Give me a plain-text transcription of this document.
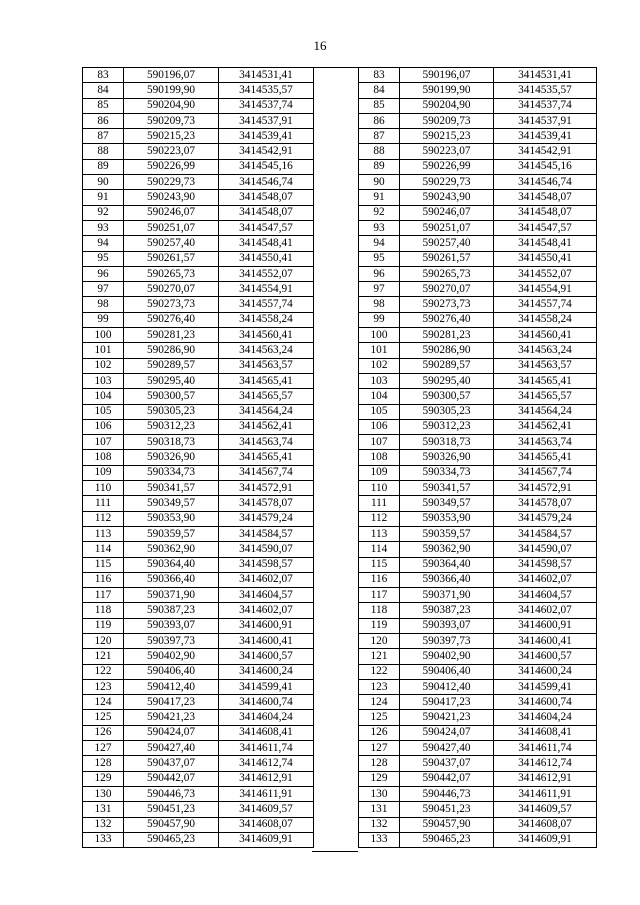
16
83	590196,07	3414531,41
84	590199,90	3414535,57
85	590204,90	3414537,74
86	590209,73	3414537,91
87	590215,23	3414539,41
88	590223,07	3414542,91
89	590226,99	3414545,16
90	590229,73	3414546,74
91	590243,90	3414548,07
92	590246,07	3414548,07
93	590251,07	3414547,57
94	590257,40	3414548,41
95	590261,57	3414550,41
96	590265,73	3414552,07
97	590270,07	3414554,91
98	590273,73	3414557,74
99	590276,40	3414558,24
100	590281,23	3414560,41
101	590286,90	3414563,24
102	590289,57	3414563,57
103	590295,40	3414565,41
104	590300,57	3414565,57
105	590305,23	3414564,24
106	590312,23	3414562,41
107	590318,73	3414563,74
108	590326,90	3414565,41
109	590334,73	3414567,74
110	590341,57	3414572,91
111	590349,57	3414578,07
112	590353,90	3414579,24
113	590359,57	3414584,57
114	590362,90	3414590,07
115	590364,40	3414598,57
116	590366,40	3414602,07
117	590371,90	3414604,57
118	590387,23	3414602,07
119	590393,07	3414600,91
120	590397,73	3414600,41
121	590402,90	3414600,57
122	590406,40	3414600,24
123	590412,40	3414599,41
124	590417,23	3414600,74
125	590421,23	3414604,24
126	590424,07	3414608,41
127	590427,40	3414611,74
128	590437,07	3414612,74
129	590442,07	3414612,91
130	590446,73	3414611,91
131	590451,23	3414609,57
132	590457,90	3414608,07
133	590465,23	3414609,91
83	590196,07	3414531,41
84	590199,90	3414535,57
85	590204,90	3414537,74
86	590209,73	3414537,91
87	590215,23	3414539,41
88	590223,07	3414542,91
89	590226,99	3414545,16
90	590229,73	3414546,74
91	590243,90	3414548,07
92	590246,07	3414548,07
93	590251,07	3414547,57
94	590257,40	3414548,41
95	590261,57	3414550,41
96	590265,73	3414552,07
97	590270,07	3414554,91
98	590273,73	3414557,74
99	590276,40	3414558,24
100	590281,23	3414560,41
101	590286,90	3414563,24
102	590289,57	3414563,57
103	590295,40	3414565,41
104	590300,57	3414565,57
105	590305,23	3414564,24
106	590312,23	3414562,41
107	590318,73	3414563,74
108	590326,90	3414565,41
109	590334,73	3414567,74
110	590341,57	3414572,91
111	590349,57	3414578,07
112	590353,90	3414579,24
113	590359,57	3414584,57
114	590362,90	3414590,07
115	590364,40	3414598,57
116	590366,40	3414602,07
117	590371,90	3414604,57
118	590387,23	3414602,07
119	590393,07	3414600,91
120	590397,73	3414600,41
121	590402,90	3414600,57
122	590406,40	3414600,24
123	590412,40	3414599,41
124	590417,23	3414600,74
125	590421,23	3414604,24
126	590424,07	3414608,41
127	590427,40	3414611,74
128	590437,07	3414612,74
129	590442,07	3414612,91
130	590446,73	3414611,91
131	590451,23	3414609,57
132	590457,90	3414608,07
133	590465,23	3414609,91
